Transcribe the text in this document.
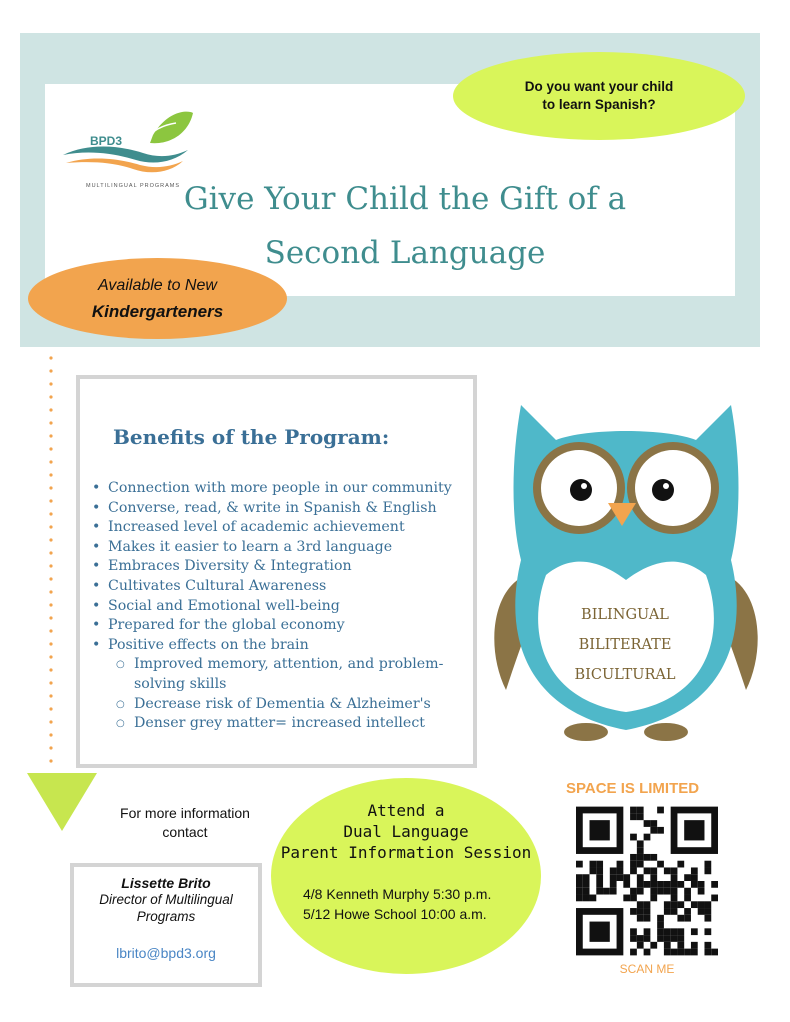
BPD3
MULTILINGUAL PROGRAMS Give Your Child the Gift of a
Second Language
Do you want your child to learn Spanish?
Available to New
Kindergarteners
Benefits of the Program:
• Connection with more people in our community
• Converse, read, & write in Spanish & English
• Increased level of academic achievement
• Makes it easier to learn a 3rd language
• Embraces Diversity & Integration
• Cultivates Cultural Awareness
• Social and Emotional well-being
• Prepared for the global economy
• Positive effects on the brain
○ Improved memory, attention, and problem-solving skills
○ Decrease risk of Dementia & Alzheimer's
○ Denser grey matter= increased intellect
BILINGUAL
BILITERATE
BICULTURAL
For more information contact
Lissette Brito
Director of Multilingual Programs
lbrito@bpd3.org
Attend a
Dual Language
Parent Information Session
4/8 Kenneth Murphy 5:30 p.m.
5/12 Howe School 10:00 a.m.
SPACE IS LIMITED
SCAN ME
